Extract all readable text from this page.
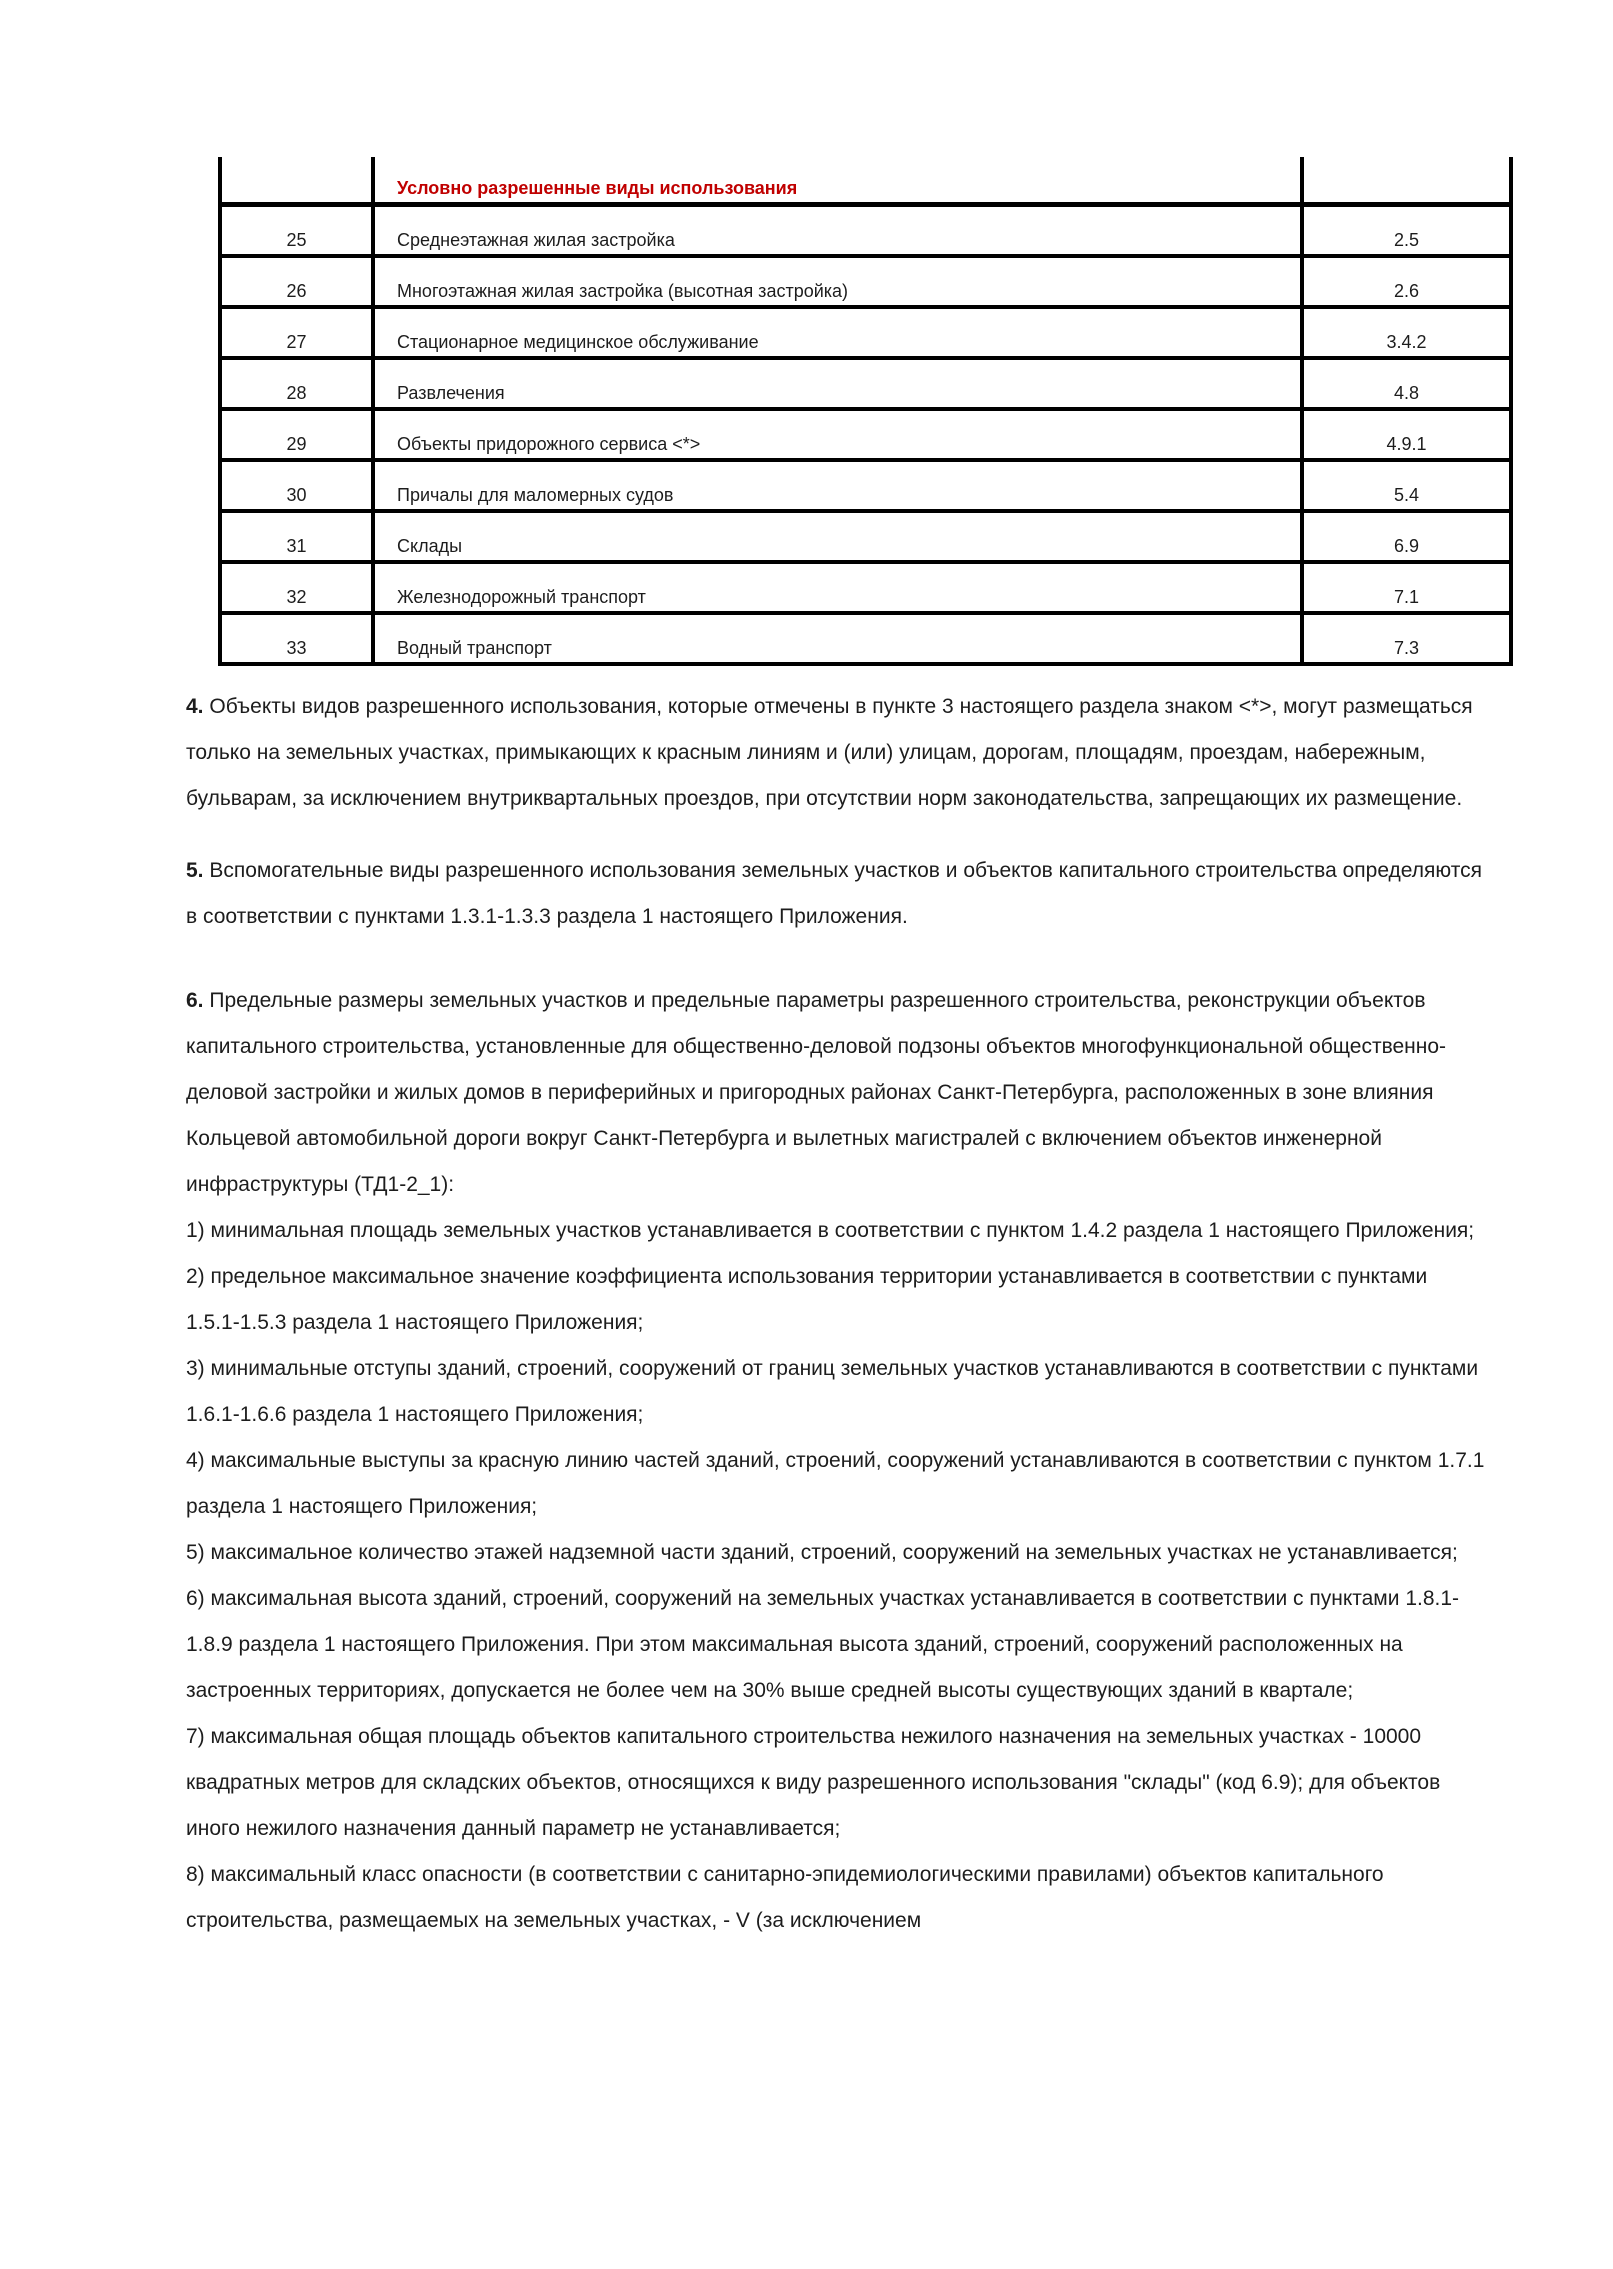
Условно разрешенные виды использования
25	Среднеэтажная жилая застройка	2.5
26	Многоэтажная жилая застройка (высотная застройка)	2.6
27	Стационарное медицинское обслуживание	3.4.2
28	Развлечения	4.8
29	Объекты придорожного сервиса <*>	4.9.1
30	Причалы для маломерных судов	5.4
31	Склады	6.9
32	Железнодорожный транспорт	7.1
33	Водный транспорт	7.3

4. Объекты видов разрешенного использования, которые отмечены в пункте 3 настоящего раздела знаком <*>, могут размещаться только на земельных участках, примыкающих к красным линиям и (или) улицам, дорогам, площадям, проездам, набережным, бульварам, за исключением внутриквартальных проездов, при отсутствии норм законодательства, запрещающих их размещение.

5. Вспомогательные виды разрешенного использования земельных участков и объектов капитального строительства определяются в соответствии с пунктами 1.3.1-1.3.3 раздела 1 настоящего Приложения.

6. Предельные размеры земельных участков и предельные параметры разрешенного строительства, реконструкции объектов капитального строительства, установленные для общественно-деловой подзоны объектов многофункциональной общественно-деловой застройки и жилых домов в периферийных и пригородных районах Санкт-Петербурга, расположенных в зоне влияния Кольцевой автомобильной дороги вокруг Санкт-Петербурга и вылетных магистралей с включением объектов инженерной инфраструктуры (ТД1-2_1):

1) минимальная площадь земельных участков устанавливается в соответствии с пунктом 1.4.2 раздела 1 настоящего Приложения;
2) предельное максимальное значение коэффициента использования территории устанавливается в соответствии с пунктами 1.5.1-1.5.3 раздела 1 настоящего Приложения;
3) минимальные отступы зданий, строений, сооружений от границ земельных участков устанавливаются в соответствии с пунктами 1.6.1-1.6.6 раздела 1 настоящего Приложения;
4) максимальные выступы за красную линию частей зданий, строений, сооружений устанавливаются в соответствии с пунктом 1.7.1 раздела 1 настоящего Приложения;
5) максимальное количество этажей надземной части зданий, строений, сооружений на земельных участках не устанавливается;
6) максимальная высота зданий, строений, сооружений на земельных участках устанавливается в соответствии с пунктами 1.8.1-1.8.9 раздела 1 настоящего Приложения. При этом максимальная высота зданий, строений, сооружений расположенных на застроенных территориях, допускается не более чем на 30% выше средней высоты существующих зданий в квартале;
7) максимальная общая площадь объектов капитального строительства нежилого назначения на земельных участках - 10000 квадратных метров для складских объектов, относящихся к виду разрешенного использования "склады" (код 6.9); для объектов иного нежилого назначения данный параметр не устанавливается;
8) максимальный класс опасности (в соответствии с санитарно-эпидемиологическими правилами) объектов капитального строительства, размещаемых на земельных участках, - V (за исключением
